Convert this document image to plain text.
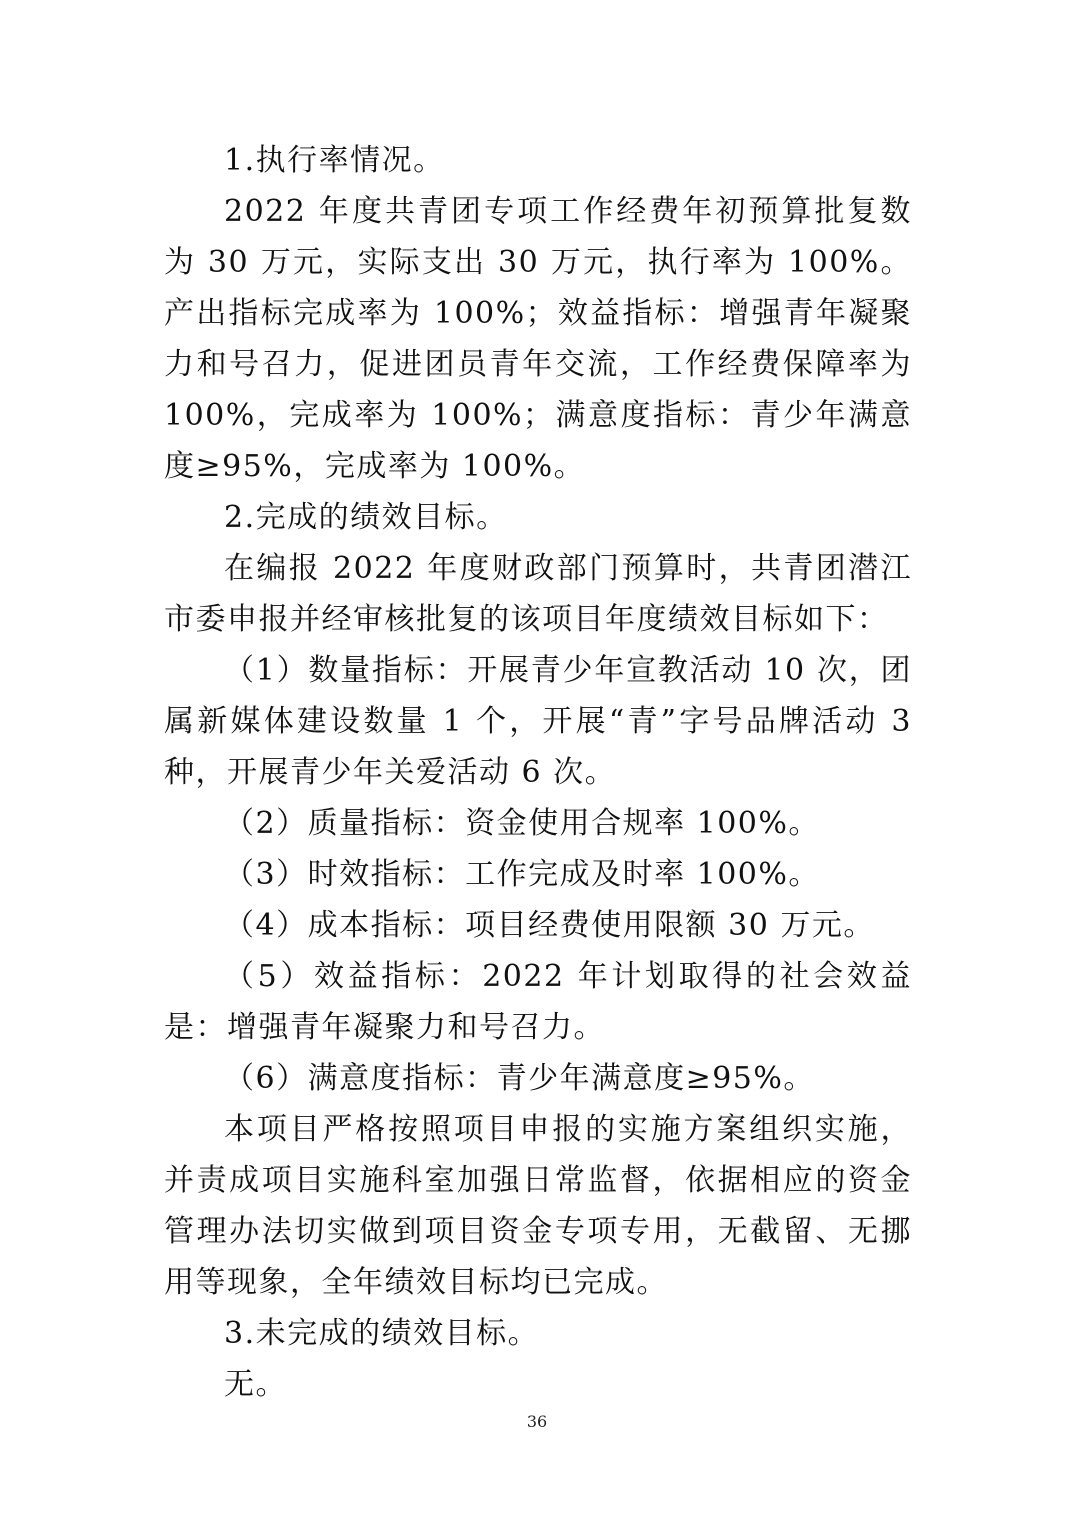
1.执行率情况。

2022 年度共青团专项工作经费年初预算批复数为 30 万元，实际支出 30 万元，执行率为 100%。产出指标完成率为 100%；效益指标：增强青年凝聚力和号召力，促进团员青年交流，工作经费保障率为 100%，完成率为 100%；满意度指标：青少年满意度≥95%，完成率为 100%。

2.完成的绩效目标。

在编报 2022 年度财政部门预算时，共青团潜江市委申报并经审核批复的该项目年度绩效目标如下：

（1）数量指标：开展青少年宣教活动 10 次，团属新媒体建设数量 1 个，开展“青”字号品牌活动 3 种，开展青少年关爱活动 6 次。

（2）质量指标：资金使用合规率 100%。

（3）时效指标：工作完成及时率 100%。

（4）成本指标：项目经费使用限额 30 万元。

（5）效益指标：2022 年计划取得的社会效益是：增强青年凝聚力和号召力。

（6）满意度指标：青少年满意度≥95%。

本项目严格按照项目申报的实施方案组织实施，并责成项目实施科室加强日常监督，依据相应的资金管理办法切实做到项目资金专项专用，无截留、无挪用等现象，全年绩效目标均已完成。

3.未完成的绩效目标。

无。

36
